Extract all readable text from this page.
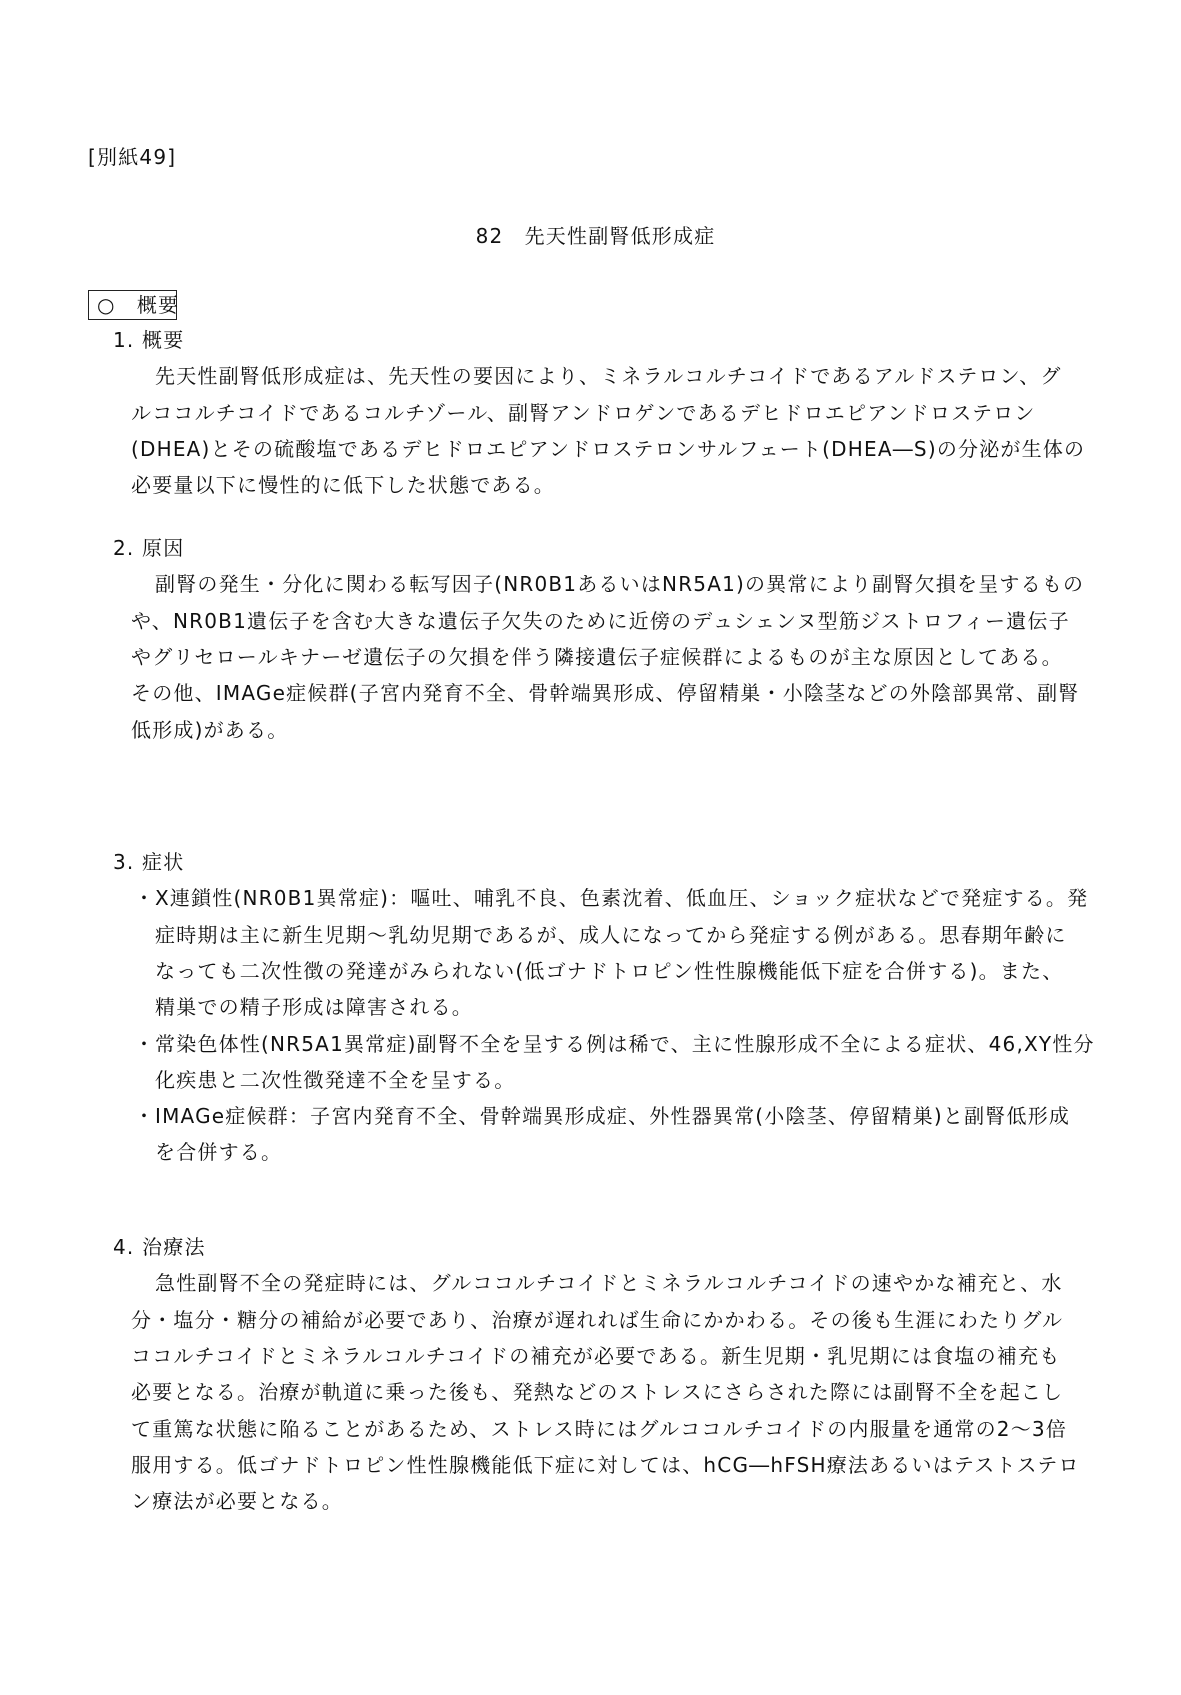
[別紙49]
82　先天性副腎低形成症
○　概要
1. 概要
先天性副腎低形成症は、先天性の要因により、ミネラルコルチコイドであるアルドステロン、グ
ルココルチコイドであるコルチゾール、副腎アンドロゲンであるデヒドロエピアンドロステロン
(DHEA)とその硫酸塩であるデヒドロエピアンドロステロンサルフェート(DHEA―S)の分泌が生体の
必要量以下に慢性的に低下した状態である。
2. 原因
副腎の発生・分化に関わる転写因子(NR0B1あるいはNR5A1)の異常により副腎欠損を呈するもの
や、NR0B1遺伝子を含む大きな遺伝子欠失のために近傍のデュシェンヌ型筋ジストロフィー遺伝子
やグリセロールキナーゼ遺伝子の欠損を伴う隣接遺伝子症候群によるものが主な原因としてある。
その他、IMAGe症候群(子宮内発育不全、骨幹端異形成、停留精巣・小陰茎などの外陰部異常、副腎
低形成)がある。
3. 症状
・ X連鎖性(NR0B1異常症)：嘔吐、哺乳不良、色素沈着、低血圧、ショック症状などで発症する。発
症時期は主に新生児期～乳幼児期であるが、成人になってから発症する例がある。思春期年齢に
なっても二次性徴の発達がみられない(低ゴナドトロピン性性腺機能低下症を合併する)。また、
精巣での精子形成は障害される。
・ 常染色体性(NR5A1異常症)副腎不全を呈する例は稀で、主に性腺形成不全による症状、46,XY性分
化疾患と二次性徴発達不全を呈する。
・ IMAGe症候群：子宮内発育不全、骨幹端異形成症、外性器異常(小陰茎、停留精巣)と副腎低形成
を合併する。
4. 治療法
急性副腎不全の発症時には、グルココルチコイドとミネラルコルチコイドの速やかな補充と、水
分・塩分・糖分の補給が必要であり、治療が遅れれば生命にかかわる。その後も生涯にわたりグル
ココルチコイドとミネラルコルチコイドの補充が必要である。新生児期・乳児期には食塩の補充も
必要となる。治療が軌道に乗った後も、発熱などのストレスにさらされた際には副腎不全を起こし
て重篤な状態に陥ることがあるため、ストレス時にはグルココルチコイドの内服量を通常の2～3倍
服用する。低ゴナドトロピン性性腺機能低下症に対しては、hCG―hFSH療法あるいはテストステロ
ン療法が必要となる。
